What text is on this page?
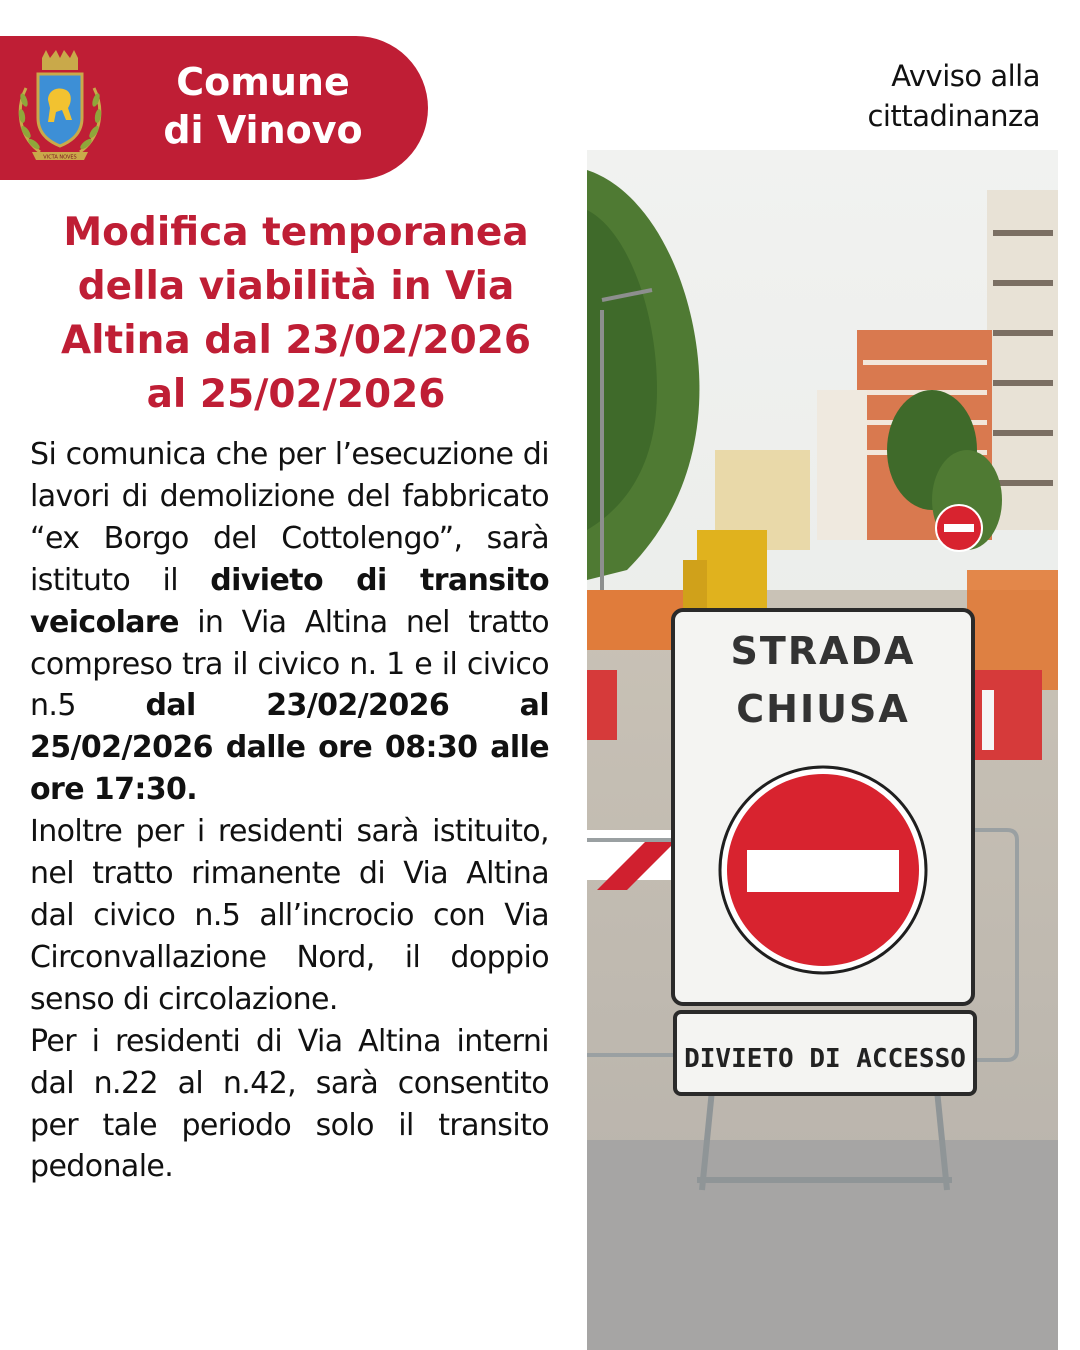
VICTA NOVES
Comune
di Vinovo
Avviso alla
cittadinanza
Modifica temporanea
della viabilità in Via
Altina dal 23/02/2026
al 25/02/2026

Si comunica che per l’esecuzione di lavori di demolizione del fabbricato “ex Borgo del Cottolengo”, sarà istituto il divieto di transito veicolare in Via Altina nel tratto compreso tra il civico n. 1 e il civico n.5 dal 23/02/2026 al 25/02/2026 dalle ore 08:30 alle ore 17:30.

Inoltre per i residenti sarà istituito, nel tratto rimanente di Via Altina dal civico n.5 all’incrocio con Via Circonvallazione Nord, il doppio senso di circolazione.

Per i residenti di Via Altina interni dal n.22 al n.42, sarà consentito per tale periodo solo il transito pedonale.

STRADA
CHIUSA
DIVIETO DI ACCESSO
